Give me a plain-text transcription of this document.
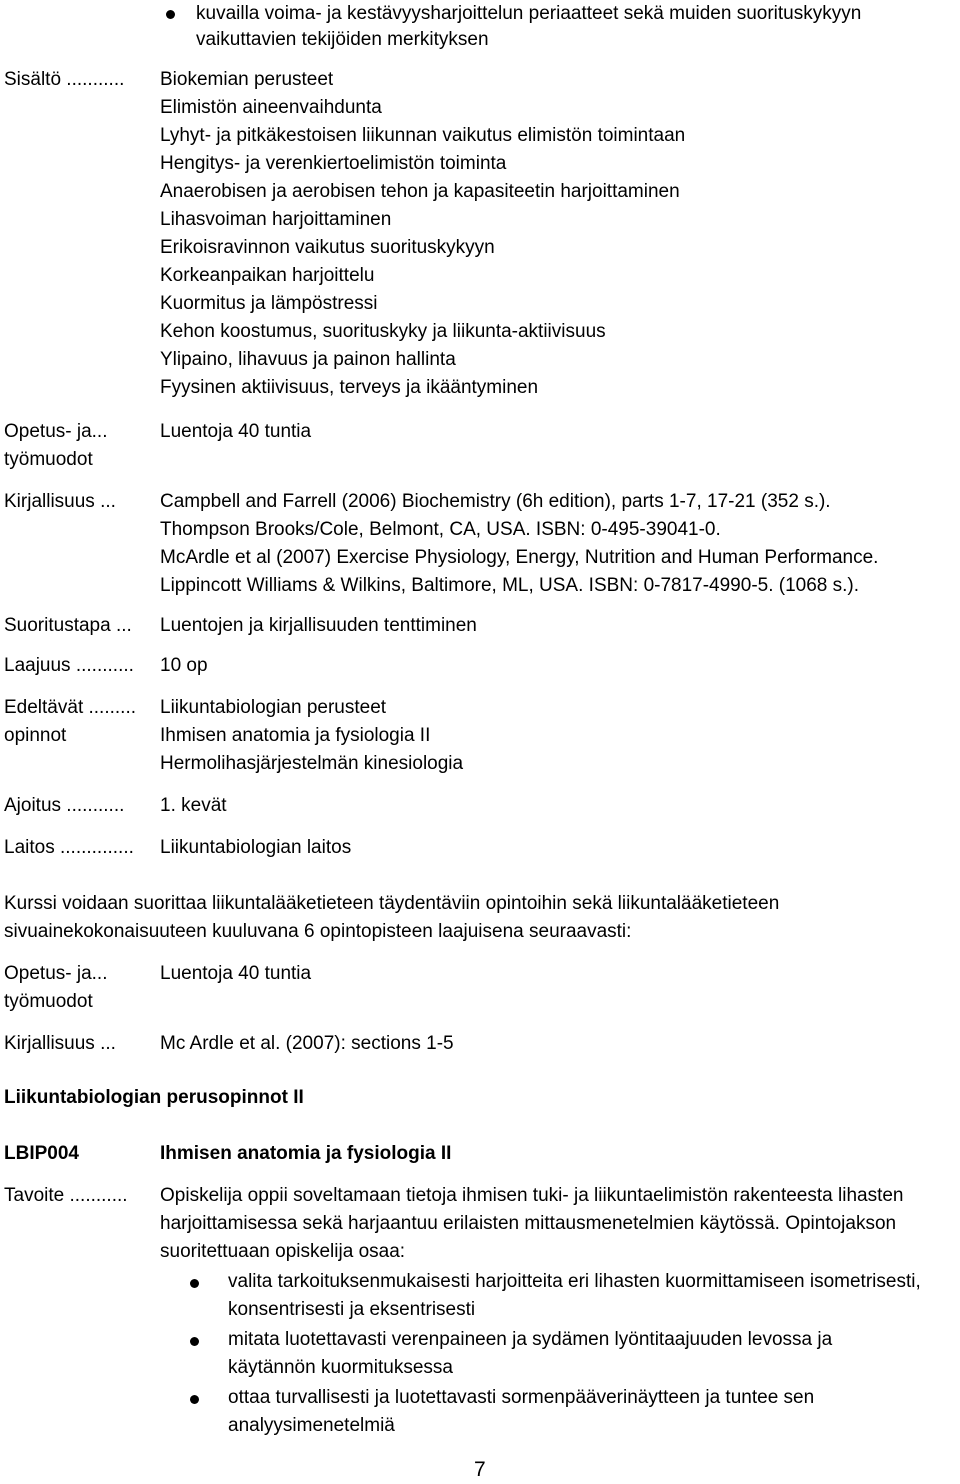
kuvailla voima- ja kestävyysharjoittelun periaatteet sekä muiden suorituskykyyn
vaikuttavien tekijöiden merkityksen
Sisältö ........... Biokemian perusteet
Elimistön aineenvaihdunta
Lyhyt- ja pitkäkestoisen liikunnan vaikutus elimistön toimintaan
Hengitys- ja verenkiertoelimistön toiminta
Anaerobisen ja aerobisen tehon ja kapasiteetin harjoittaminen
Lihasvoiman harjoittaminen
Erikoisravinnon vaikutus suorituskykyyn
Korkeanpaikan harjoittelu
Kuormitus ja lämpöstressi
Kehon koostumus, suorituskyky ja liikunta-aktiivisuus
Ylipaino, lihavuus ja painon hallinta
Fyysinen aktiivisuus, terveys ja ikääntyminen
Opetus- ja...
työmuodot
Luentoja 40 tuntia
Kirjallisuus ... Campbell and Farrell (2006) Biochemistry (6h edition), parts 1-7, 17-21 (352 s.).
Thompson Brooks/Cole, Belmont, CA, USA. ISBN: 0-495-39041-0.
McArdle et al (2007) Exercise Physiology, Energy, Nutrition and Human Performance.
Lippincott Williams & Wilkins, Baltimore, ML, USA. ISBN: 0-7817-4990-5. (1068 s.).
Suoritustapa ... Luentojen ja kirjallisuuden tenttiminen
Laajuus ........... 10 op
Edeltävät .........
opinnot
Liikuntabiologian perusteet
Ihmisen anatomia ja fysiologia II
Hermolihasjärjestelmän kinesiologia
Ajoitus ........... 1. kevät
Laitos .............. Liikuntabiologian laitos
Kurssi voidaan suorittaa liikuntalääketieteen täydentäviin opintoihin sekä liikuntalääketieteen
sivuainekokonaisuuteen kuuluvana 6 opintopisteen laajuisena seuraavasti:
Opetus- ja...
työmuodot
Luentoja 40 tuntia
Kirjallisuus ... Mc Ardle et al. (2007): sections 1-5
Liikuntabiologian perusopinnot II
LBIP004	Ihmisen anatomia ja fysiologia II
Tavoite ........... Opiskelija oppii soveltamaan tietoja ihmisen tuki- ja liikuntaelimistön rakenteesta lihasten
harjoittamisessa sekä harjaantuu erilaisten mittausmenetelmien käytössä. Opintojakson
suoritettuaan opiskelija osaa:
valita tarkoituksenmukaisesti harjoitteita eri lihasten kuormittamiseen isometrisesti,
konsentrisesti ja eksentrisesti
mitata luotettavasti verenpaineen ja sydämen lyöntitaajuuden levossa ja
käytännön kuormituksessa
ottaa turvallisesti ja luotettavasti sormenpääverinäytteen ja tuntee sen
analyysimenetelmiä
7
